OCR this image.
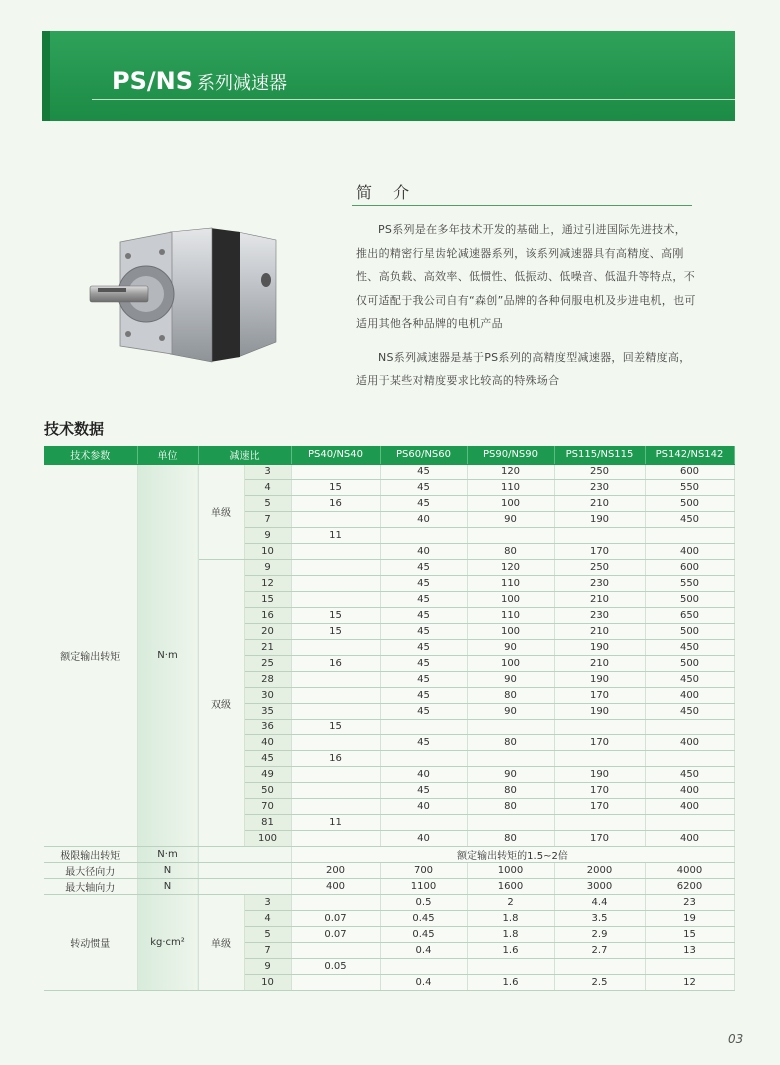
PS/NS 系列减速器
简 介

PS系列是在多年技术开发的基础上，通过引进国际先进技术，推出的精密行星齿轮减速器系列，该系列减速器具有高精度、高刚性、高负载、高效率、低惯性、低振动、低噪音、低温升等特点，不仅可适配于我公司自有“森创”品牌的各种伺服电机及步进电机，也可适用其他各种品牌的电机产品

NS系列减速器是基于PS系列的高精度型减速器，回差精度高，适用于某些对精度要求比较高的特殊场合

技术数据
技术参数	单位	减速比		PS40/NS40	PS60/NS60	PS90/NS90	PS115/NS115	PS142/NS142
额定输出转矩	N·m	单级	3		45	120	250	600
			4	15	45	110	230	550
			5	16	45	100	210	500
			7		40	90	190	450
			9	11				
			10		40	80	170	400
		双级	9		45	120	250	600
			12		45	110	230	550
			15		45	100	210	500
			16	15	45	110	230	650
			20	15	45	100	210	500
			21		45	90	190	450
			25	16	45	100	210	500
			28		45	90	190	450
			30		45	80	170	400
			35		45	90	190	450
			36	15				
			40		45	80	170	400
			45	16				
			49		40	90	190	450
			50		45	80	170	400
			70		40	80	170	400
			81	11				
			100		40	80	170	400
极限输出转矩	N·m			额定输出转矩的1.5~2倍				
最大径向力	N			200	700	1000	2000	4000
最大轴向力	N			400	1100	1600	3000	6200
转动惯量	kg·cm²	单级	3		0.5	2	4.4	23
			4	0.07	0.45	1.8	3.5	19
			5	0.07	0.45	1.8	2.9	15
			7		0.4	1.6	2.7	13
			9	0.05				
			10		0.4	1.6	2.5	12
03
